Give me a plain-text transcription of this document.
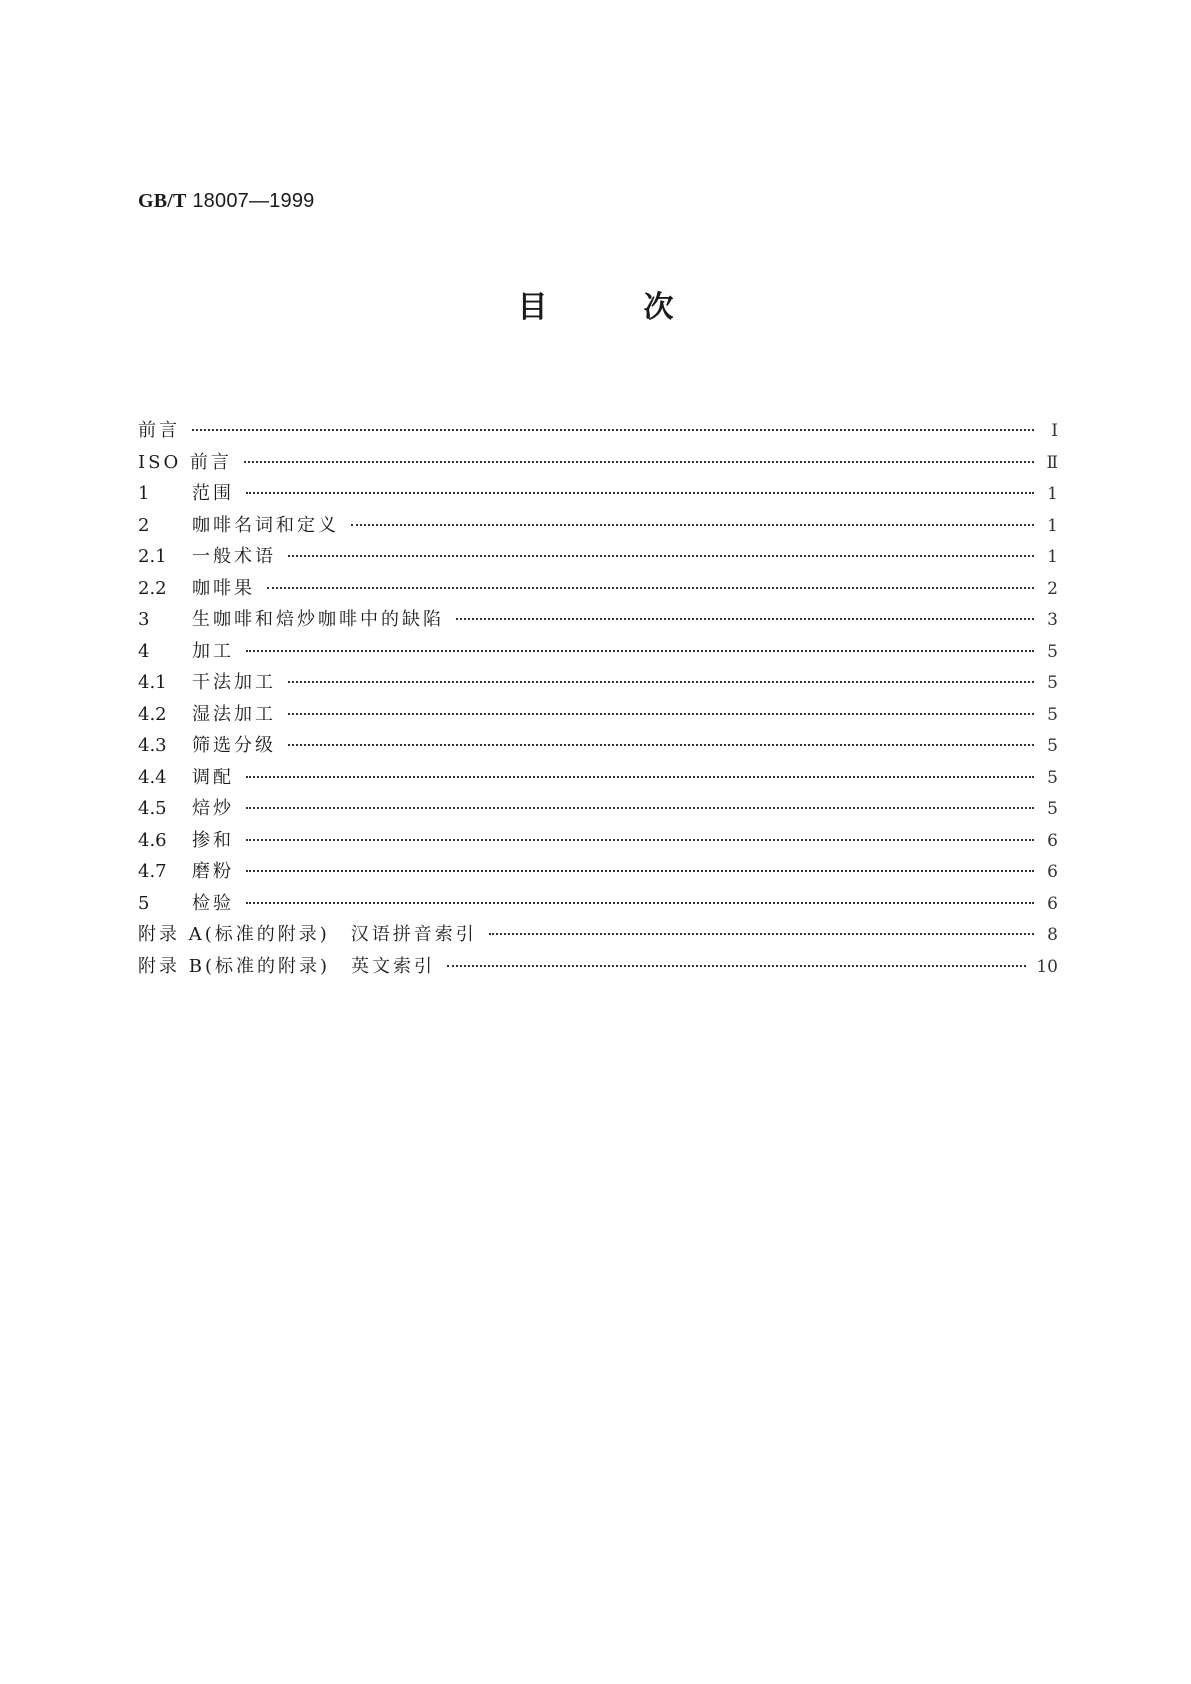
GB/T 18007—1999
目次
前言	Ⅰ
ISO 前言	Ⅱ
1	范围	1
2	咖啡名词和定义	1
2.1	一般术语	1
2.2	咖啡果	2
3	生咖啡和焙炒咖啡中的缺陷	3
4	加工	5
4.1	干法加工	5
4.2	湿法加工	5
4.3	筛选分级	5
4.4	调配	5
4.5	焙炒	5
4.6	掺和	6
4.7	磨粉	6
5	检验	6
附录 A(标准的附录)　汉语拼音索引	8
附录 B(标准的附录)　英文索引	10
